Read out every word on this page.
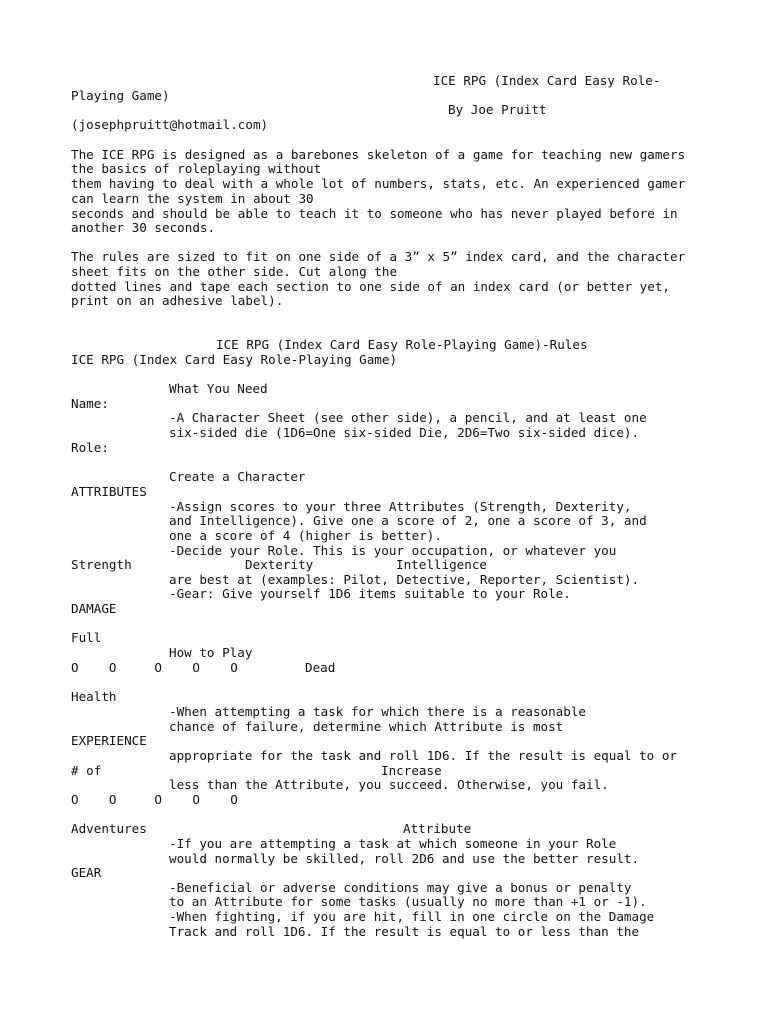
ICE RPG (Index Card Easy Role-
Playing Game)
By Joe Pruitt
(josephpruitt@hotmail.com)
The ICE RPG is designed as a barebones skeleton of a game for teaching new gamers
the basics of roleplaying without
them having to deal with a whole lot of numbers, stats, etc. An experienced gamer
can learn the system in about 30
seconds and should be able to teach it to someone who has never played before in
another 30 seconds.
The rules are sized to fit on one side of a 3” x 5” index card, and the character
sheet fits on the other side. Cut along the
dotted lines and tape each section to one side of an index card (or better yet,
print on an adhesive label).
ICE RPG (Index Card Easy Role-Playing Game)-Rules
ICE RPG (Index Card Easy Role-Playing Game)
What You Need
-A Character Sheet (see other side), a pencil, and at least one
six-sided die (1D6=One six-sided Die, 2D6=Two six-sided dice).
Create a Character
-Assign scores to your three Attributes (Strength, Dexterity,
and Intelligence). Give one a score of 2, one a score of 3, and
one a score of 4 (higher is better).
-Decide your Role. This is your occupation, or whatever you
are best at (examples: Pilot, Detective, Reporter, Scientist).
-Gear: Give yourself 1D6 items suitable to your Role.
How to Play
-When attempting a task for which there is a reasonable
chance of failure, determine which Attribute is most
appropriate for the task and roll 1D6. If the result is equal to or
less than the Attribute, you succeed. Otherwise, you fail.
-If you are attempting a task at which someone in your Role
would normally be skilled, roll 2D6 and use the better result.
-Beneficial or adverse conditions may give a bonus or penalty
to an Attribute for some tasks (usually no more than +1 or -1).
-When fighting, if you are hit, fill in one circle on the Damage
Track and roll 1D6. If the result is equal to or less than the
Name:
Role:
ATTRIBUTES
Strength	Dexterity	Intelligence
DAMAGE
Full
O    O     O    O    O	Dead
Health
EXPERIENCE
# of	Increase
O    O     O    O    O
Adventures	Attribute
GEAR
